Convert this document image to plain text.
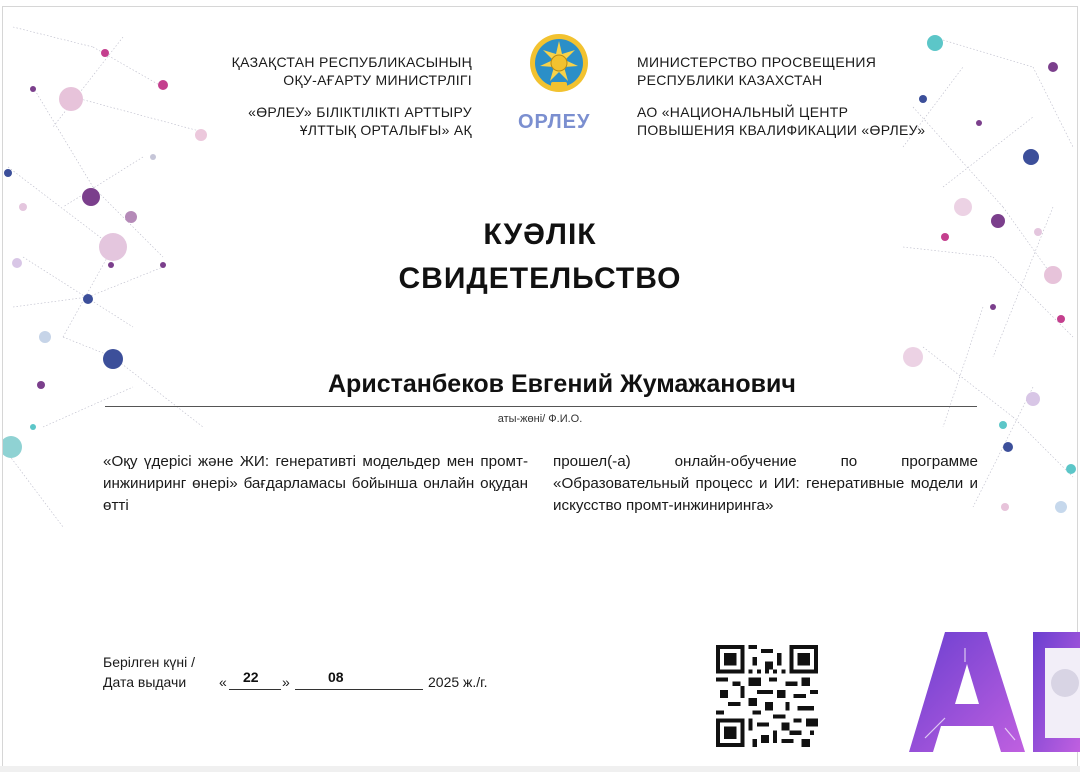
ҚАЗАҚСТАН РЕСПУБЛИКАСЫНЫҢ
ОҚУ-АҒАРТУ МИНИСТРЛІГІ
«ӨРЛЕУ» БІЛІКТІЛІКТІ АРТТЫРУ
ҰЛТТЫҚ ОРТАЛЫҒЫ» АҚ ОРЛЕУ
МИНИСТЕРСТВО ПРОСВЕЩЕНИЯ
РЕСПУБЛИКИ КАЗАХСТАН
АО «НАЦИОНАЛЬНЫЙ ЦЕНТР
ПОВЫШЕНИЯ КВАЛИФИКАЦИИ «ӨРЛЕУ»
КУӘЛІК
СВИДЕТЕЛЬСТВО
Аристанбеков Евгений Жумажанович
аты-жөні/ Ф.И.О.
«Оқу үдерісі және ЖИ: генеративті модельдер мен промт-инжиниринг өнері» бағдарламасы бойынша онлайн оқудан өтті
прошел(-а) онлайн-обучение по программе «Образовательный процесс и ИИ: генеративные модели и искусство промт-инжиниринга»
Берілген күні /
Дата выдачи « 22 »	08	2025 ж./г.
